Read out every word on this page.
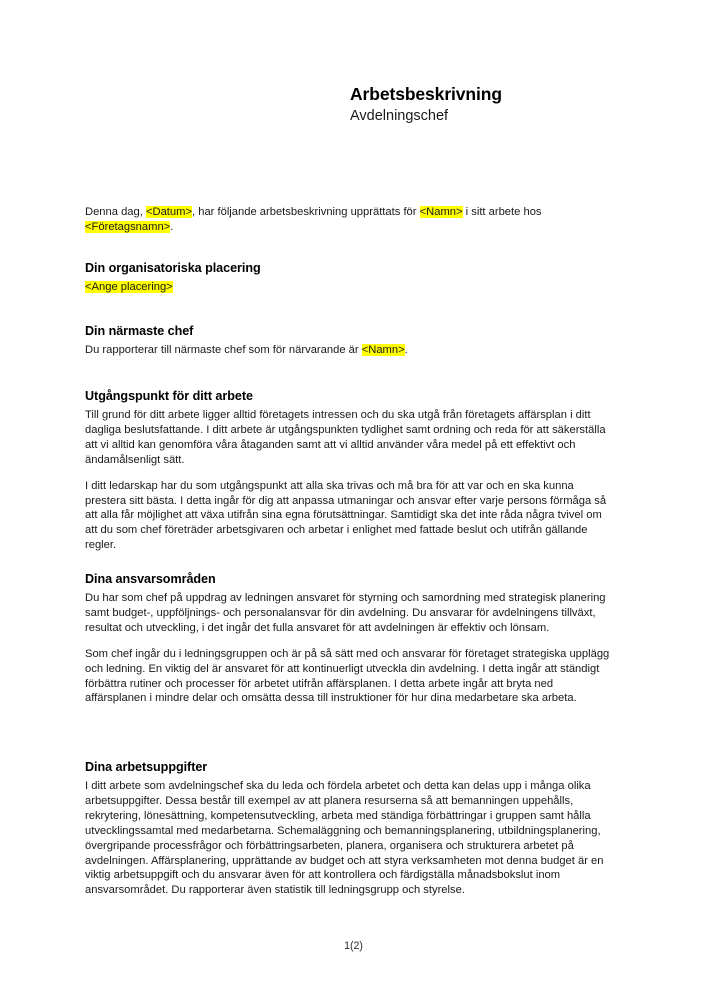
Arbetsbeskrivning
Avdelningschef

Denna dag, <Datum>, har följande arbetsbeskrivning upprättats för <Namn> i sitt arbete hos <Företagsnamn>.

Din organisatoriska placering

<Ange placering>

Din närmaste chef

Du rapporterar till närmaste chef som för närvarande är <Namn>.

Utgångspunkt för ditt arbete

Till grund för ditt arbete ligger alltid företagets intressen och du ska utgå från företagets affärsplan i ditt dagliga beslutsfattande. I ditt arbete är utgångspunkten tydlighet samt ordning och reda för att säkerställa att vi alltid kan genomföra våra åtaganden samt att vi alltid använder våra medel på ett effektivt och ändamålsenligt sätt.

I ditt ledarskap har du som utgångspunkt att alla ska trivas och må bra för att var och en ska kunna prestera sitt bästa. I detta ingår för dig att anpassa utmaningar och ansvar efter varje persons förmåga så att alla får möjlighet att växa utifrån sina egna förutsättningar. Samtidigt ska det inte råda några tvivel om att du som chef företräder arbetsgivaren och arbetar i enlighet med fattade beslut och utifrån gällande regler.

Dina ansvarsområden

Du har som chef på uppdrag av ledningen ansvaret för styrning och samordning med strategisk planering samt budget-, uppföljnings- och personalansvar för din avdelning. Du ansvarar för avdelningens tillväxt, resultat och utveckling, i det ingår det fulla ansvaret för att avdelningen är effektiv och lönsam.

Som chef ingår du i ledningsgruppen och är på så sätt med och ansvarar för företaget strategiska upplägg och ledning. En viktig del är ansvaret för att kontinuerligt utveckla din avdelning. I detta ingår att ständigt förbättra rutiner och processer för arbetet utifrån affärsplanen. I detta arbete ingår att bryta ned affärsplanen i mindre delar och omsätta dessa till instruktioner för hur dina medarbetare ska arbeta.

Dina arbetsuppgifter

I ditt arbete som avdelningschef ska du leda och fördela arbetet och detta kan delas upp i många olika arbetsuppgifter. Dessa består till exempel av att planera resurserna så att bemanningen uppehålls, rekrytering, lönesättning, kompetensutveckling, arbeta med ständiga förbättringar i gruppen samt hålla utvecklingssamtal med medarbetarna. Schemaläggning och bemanningsplanering, utbildningsplanering, övergripande processfrågor och förbättringsarbeten, planera, organisera och strukturera arbetet på avdelningen. Affärsplanering, upprättande av budget och att styra verksamheten mot denna budget är en viktig arbetsuppgift och du ansvarar även för att kontrollera och färdigställa månadsbokslut inom ansvarsområdet. Du rapporterar även statistik till ledningsgrupp och styrelse.

1(2)
